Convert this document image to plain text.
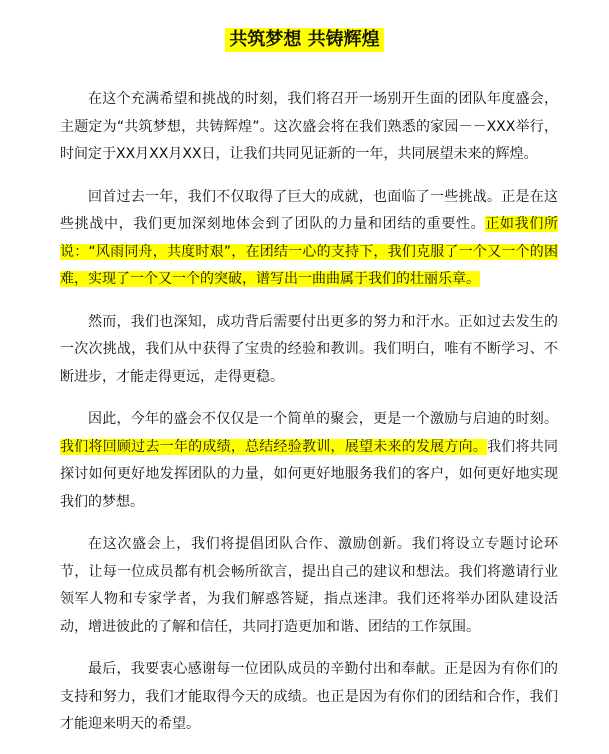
共筑梦想 共铸辉煌

在这个充满希望和挑战的时刻，我们将召开一场别开生面的团队年度盛会，主题定为“共筑梦想，共铸辉煌”。这次盛会将在我们熟悉的家园－－XXX举行，时间定于XX月XX月XX日，让我们共同见证新的一年，共同展望未来的辉煌。

回首过去一年，我们不仅取得了巨大的成就，也面临了一些挑战。正是在这些挑战中，我们更加深刻地体会到了团队的力量和团结的重要性。正如我们所说：“风雨同舟，共度时艰”，在团结一心的支持下，我们克服了一个又一个的困难，实现了一个又一个的突破，谱写出一曲曲属于我们的壮丽乐章。

然而，我们也深知，成功背后需要付出更多的努力和汗水。正如过去发生的一次次挑战，我们从中获得了宝贵的经验和教训。我们明白，唯有不断学习、不断进步，才能走得更远，走得更稳。

因此，今年的盛会不仅仅是一个简单的聚会，更是一个激励与启迪的时刻。我们将回顾过去一年的成绩，总结经验教训，展望未来的发展方向。我们将共同探讨如何更好地发挥团队的力量，如何更好地服务我们的客户，如何更好地实现我们的梦想。

在这次盛会上，我们将提倡团队合作、激励创新。我们将设立专题讨论环节，让每一位成员都有机会畅所欲言，提出自己的建议和想法。我们将邀请行业领军人物和专家学者，为我们解惑答疑，指点迷津。我们还将举办团队建设活动，增进彼此的了解和信任，共同打造更加和谐、团结的工作氛围。

最后，我要衷心感谢每一位团队成员的辛勤付出和奉献。正是因为有你们的支持和努力，我们才能取得今天的成绩。也正是因为有你们的团结和合作，我们才能迎来明天的希望。
